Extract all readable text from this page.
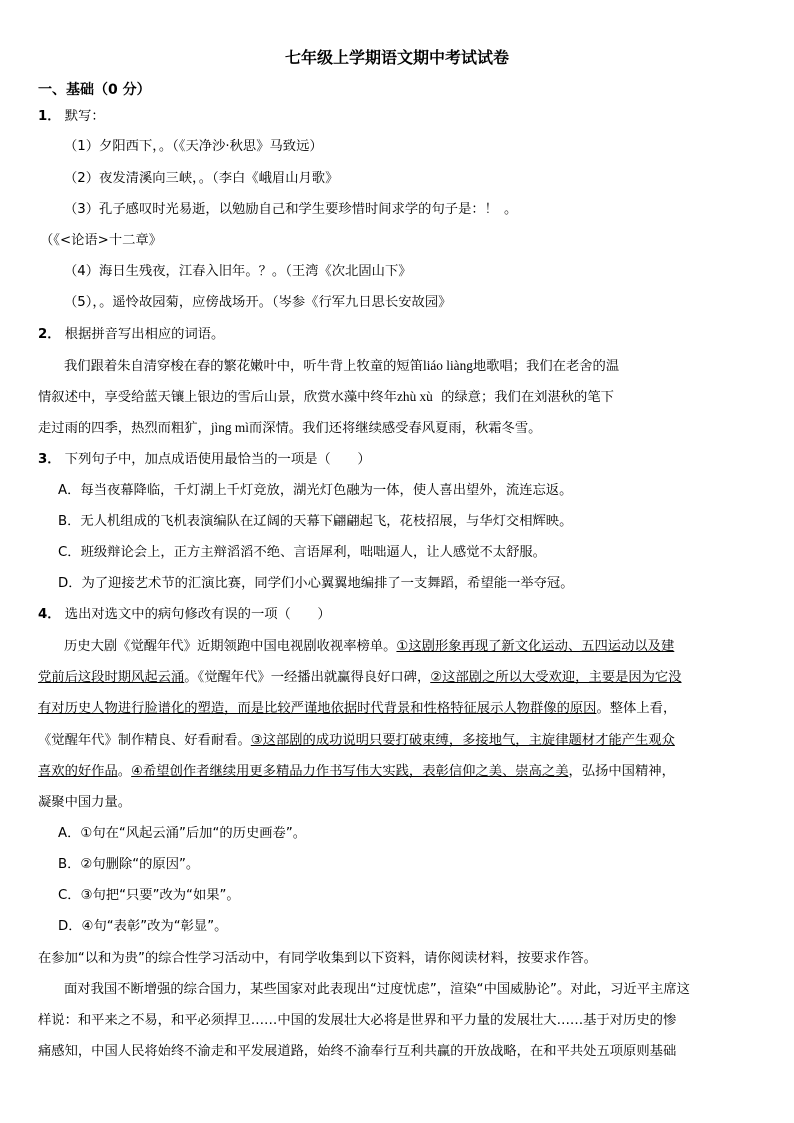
七年级上学期语文期中考试试卷
一、基础（0 分）
1． 默写：
（1）夕阳西下，。（《天净沙·秋思》马致远）
（2）夜发清溪向三峡，。（李白《峨眉山月歌》
（3）孔子感叹时光易逝，以勉励自己和学生要珍惜时间求学的句子是：！ 。
（《<论语>十二章》
（4）海日生残夜，江春入旧年。？。（王湾《次北固山下》
（5），。遥怜故园菊，应傍战场开。（岑参《行军九日思长安故园》
2． 根据拼音写出相应的词语。
我们跟着朱自清穿梭在春的繁花嫩叶中，听牛背上牧童的短笛liáo liàng地歌唱；我们在老舍的温
情叙述中，享受给蓝天镶上银边的雪后山景，欣赏水藻中终年zhù xù 的绿意；我们在刘湛秋的笔下
走过雨的四季，热烈而粗犷，jìng mì而深情。我们还将继续感受春风夏雨，秋霜冬雪。
3． 下列句子中，加点成语使用最恰当的一项是（　　）
A．每当夜幕降临，千灯湖上千灯竞放，湖光灯色融为一体，使人喜出望外，流连忘返。
B．无人机组成的飞机表演编队在辽阔的天幕下翩翩起飞，花枝招展，与华灯交相辉映。
C．班级辩论会上，正方主辩滔滔不绝、言语犀利，咄咄逼人，让人感觉不太舒服。
D．为了迎接艺术节的汇演比赛，同学们小心翼翼地编排了一支舞蹈，希望能一举夺冠。
4． 选出对选文中的病句修改有误的一项（　　）
历史大剧《觉醒年代》近期领跑中国电视剧收视率榜单。①这剧形象再现了新文化运动、五四运动以及建
党前后这段时期风起云涌。《觉醒年代》一经播出就赢得良好口碑，②这部剧之所以大受欢迎，主要是因为它没
有对历史人物进行脸谱化的塑造，而是比较严谨地依据时代背景和性格特征展示人物群像的原因。整体上看，
《觉醒年代》制作精良、好看耐看。③这部剧的成功说明只要打破束缚，多接地气，主旋律题材才能产生观众
喜欢的好作品。④希望创作者继续用更多精品力作书写伟大实践，表彰信仰之美、崇高之美，弘扬中国精神，
凝聚中国力量。
A．①句在“风起云涌”后加“的历史画卷”。
B．②句删除“的原因”。
C．③句把“只要”改为“如果”。
D．④句“表彰”改为“彰显”。
在参加“以和为贵”的综合性学习活动中，有同学收集到以下资料，请你阅读材料，按要求作答。
面对我国不断增强的综合国力，某些国家对此表现出“过度忧虑”，渲染“中国威胁论”。对此，习近平主席这
样说：和平来之不易，和平必须捍卫……中国的发展壮大必将是世界和平力量的发展壮大……基于对历史的惨
痛感知，中国人民将始终不渝走和平发展道路，始终不渝奉行互利共赢的开放战略，在和平共处五项原则基础
